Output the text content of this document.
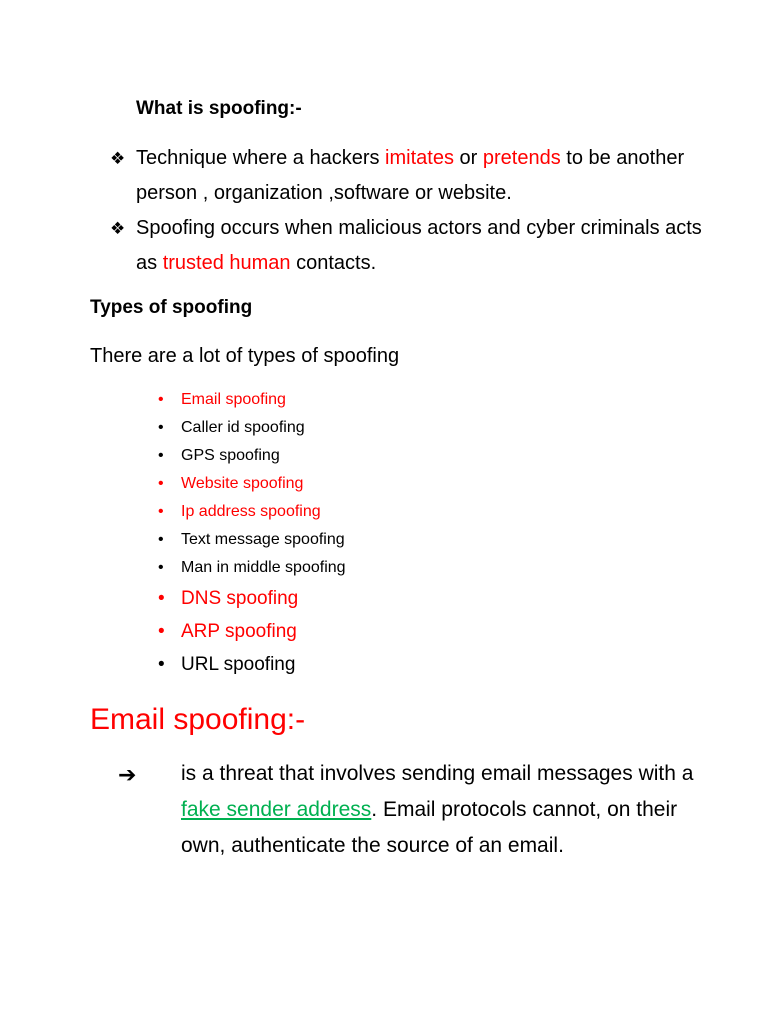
What is spoofing:-
❖ Technique where a hackers imitates or pretends to be another person , organization ,software or website.
❖ Spoofing occurs when malicious actors and cyber criminals acts as trusted human contacts.
Types of spoofing
There are a lot of types of spoofing
• Email spoofing
• Caller id spoofing
• GPS spoofing
• Website spoofing
• Ip address spoofing
• Text message spoofing
• Man in middle spoofing
• DNS spoofing
• ARP spoofing
• URL spoofing
Email spoofing:-
➔ is a threat that involves sending email messages with a fake sender address. Email protocols cannot, on their own, authenticate the source of an email.
